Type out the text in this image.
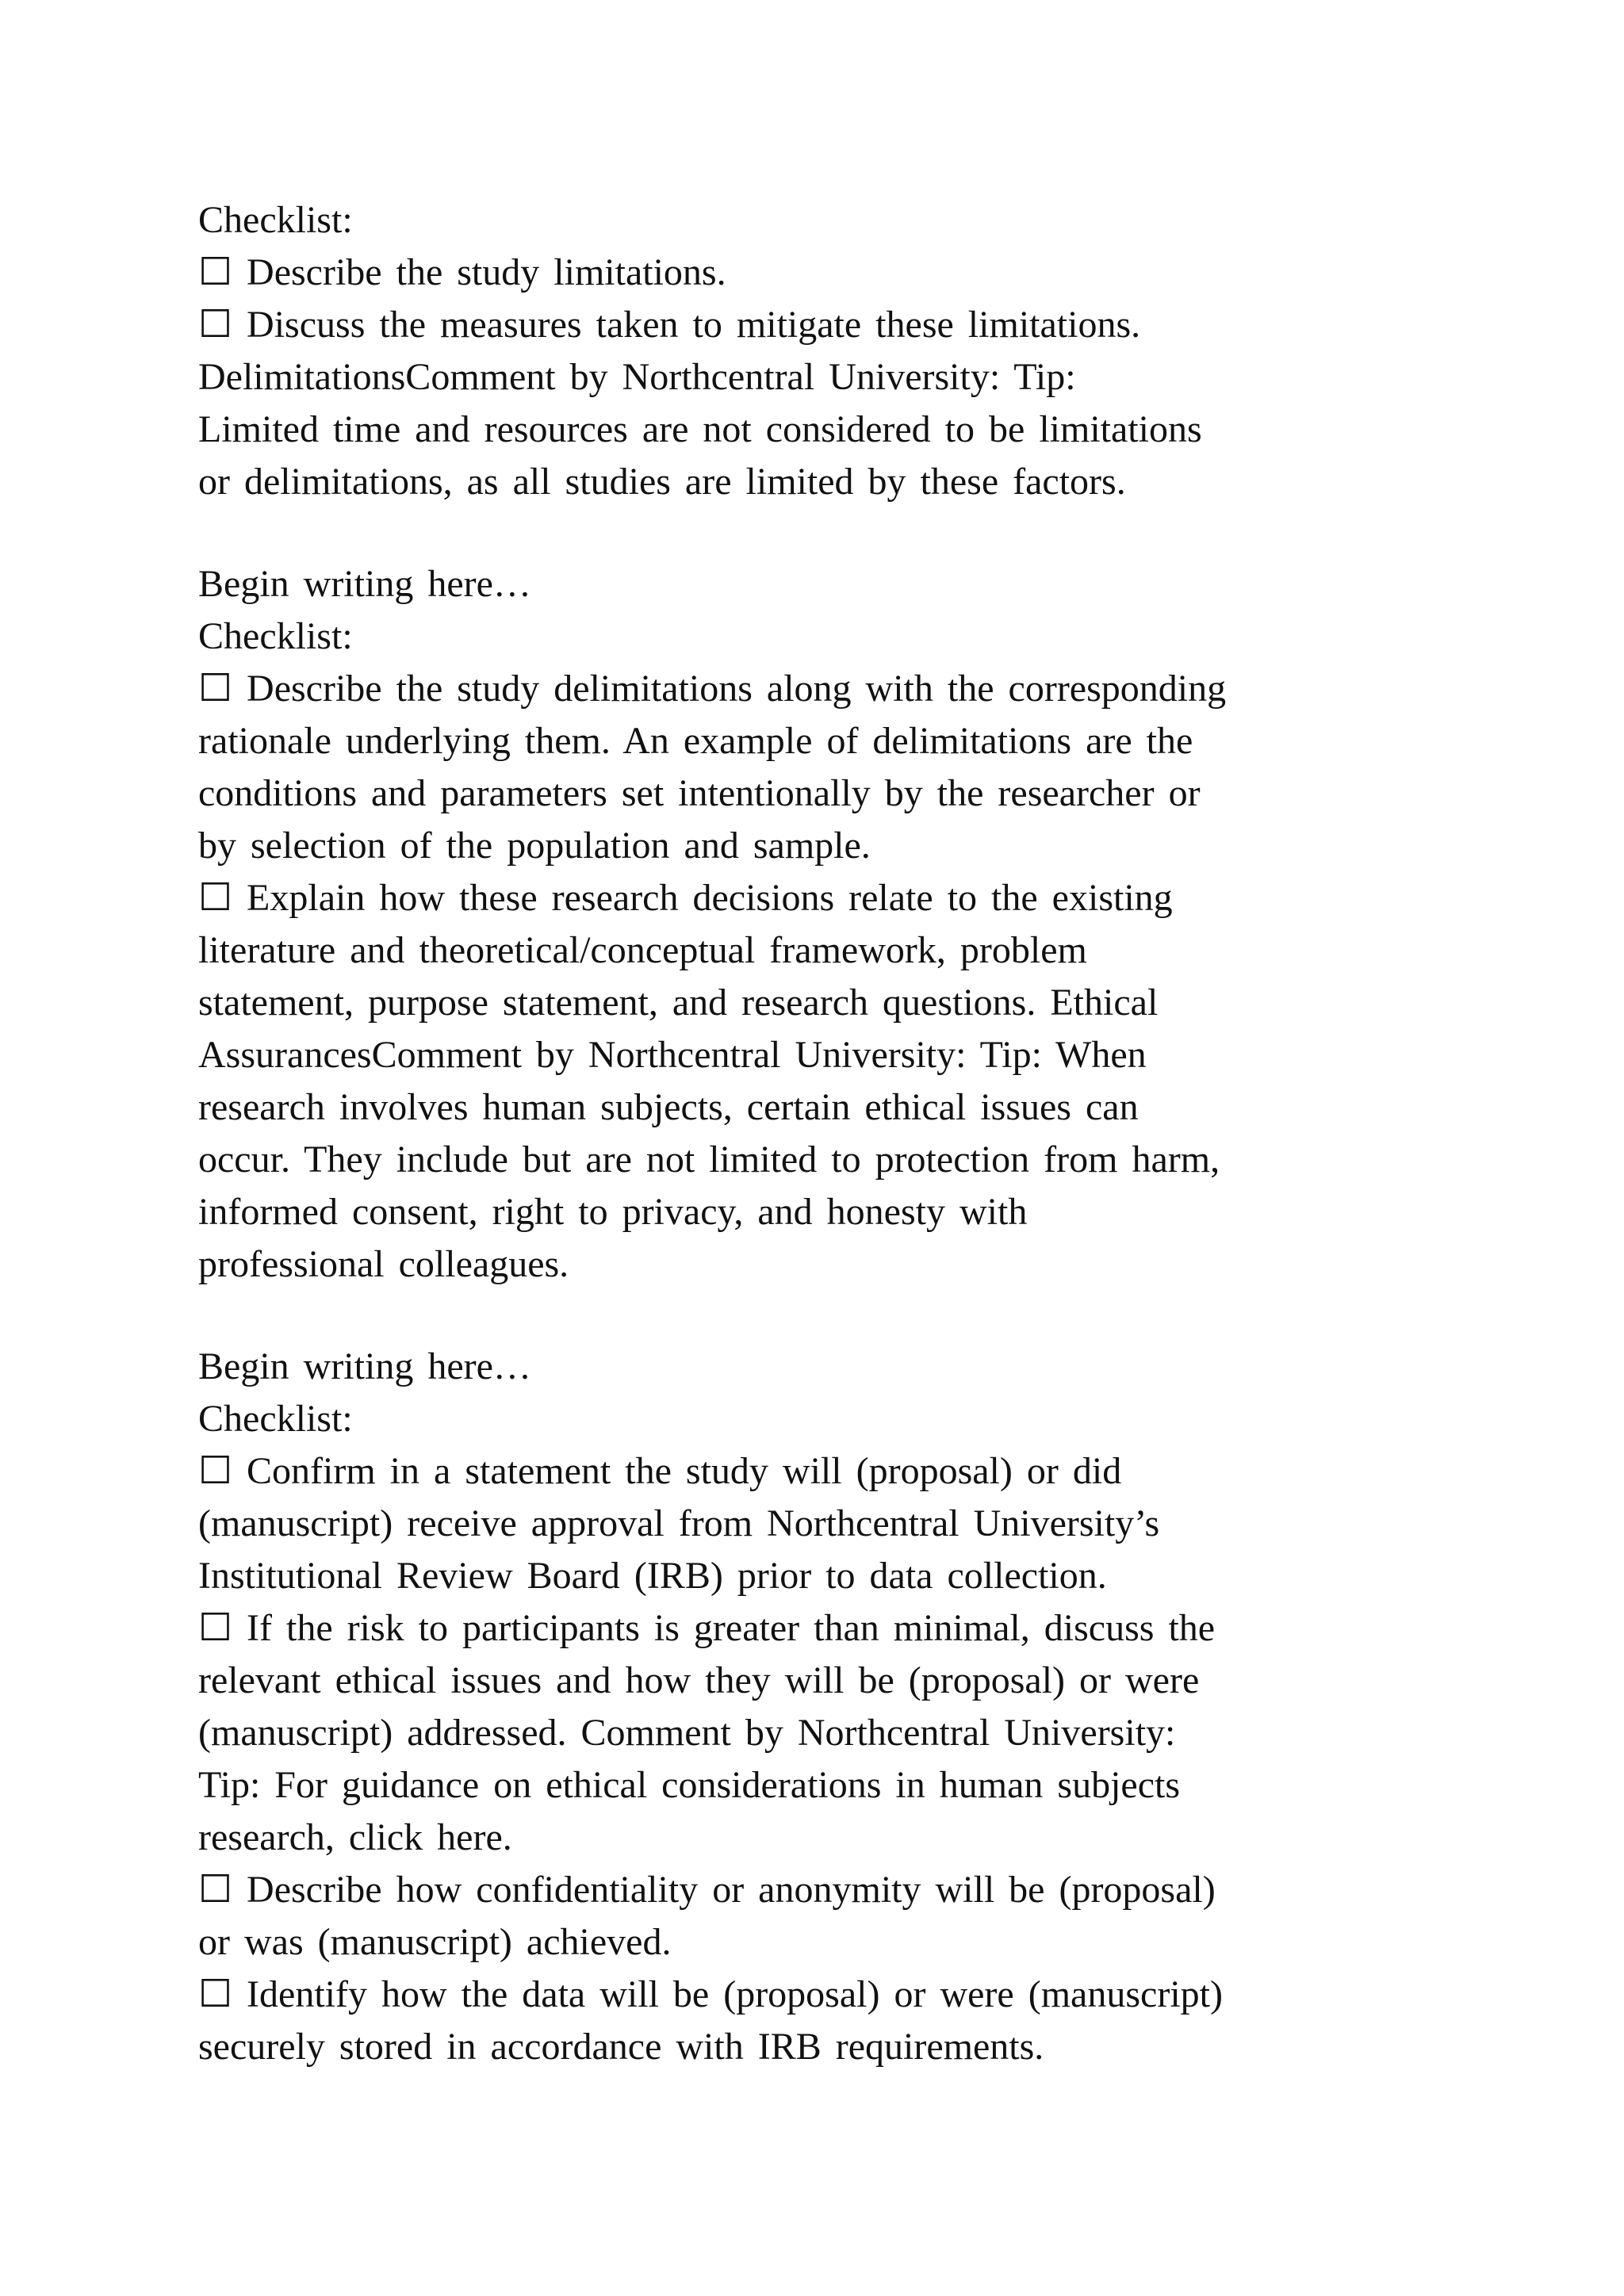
Checklist:
☐ Describe the study limitations.
☐ Discuss the measures taken to mitigate these limitations.
DelimitationsComment by Northcentral University: Tip:
Limited time and resources are not considered to be limitations
or delimitations, as all studies are limited by these factors.
Begin writing here…
Checklist:
☐ Describe the study delimitations along with the corresponding
rationale underlying them. An example of delimitations are the
conditions and parameters set intentionally by the researcher or
by selection of the population and sample.
☐ Explain how these research decisions relate to the existing
literature and theoretical/conceptual framework, problem
statement, purpose statement, and research questions. Ethical
AssurancesComment by Northcentral University: Tip: When
research involves human subjects, certain ethical issues can
occur. They include but are not limited to protection from harm,
informed consent, right to privacy, and honesty with
professional colleagues.
Begin writing here…
Checklist:
☐ Confirm in a statement the study will (proposal) or did
(manuscript) receive approval from Northcentral University’s
Institutional Review Board (IRB) prior to data collection.
☐ If the risk to participants is greater than minimal, discuss the
relevant ethical issues and how they will be (proposal) or were
(manuscript) addressed. Comment by Northcentral University:
Tip: For guidance on ethical considerations in human subjects
research, click here.
☐ Describe how confidentiality or anonymity will be (proposal)
or was (manuscript) achieved.
☐ Identify how the data will be (proposal) or were (manuscript)
securely stored in accordance with IRB requirements.
